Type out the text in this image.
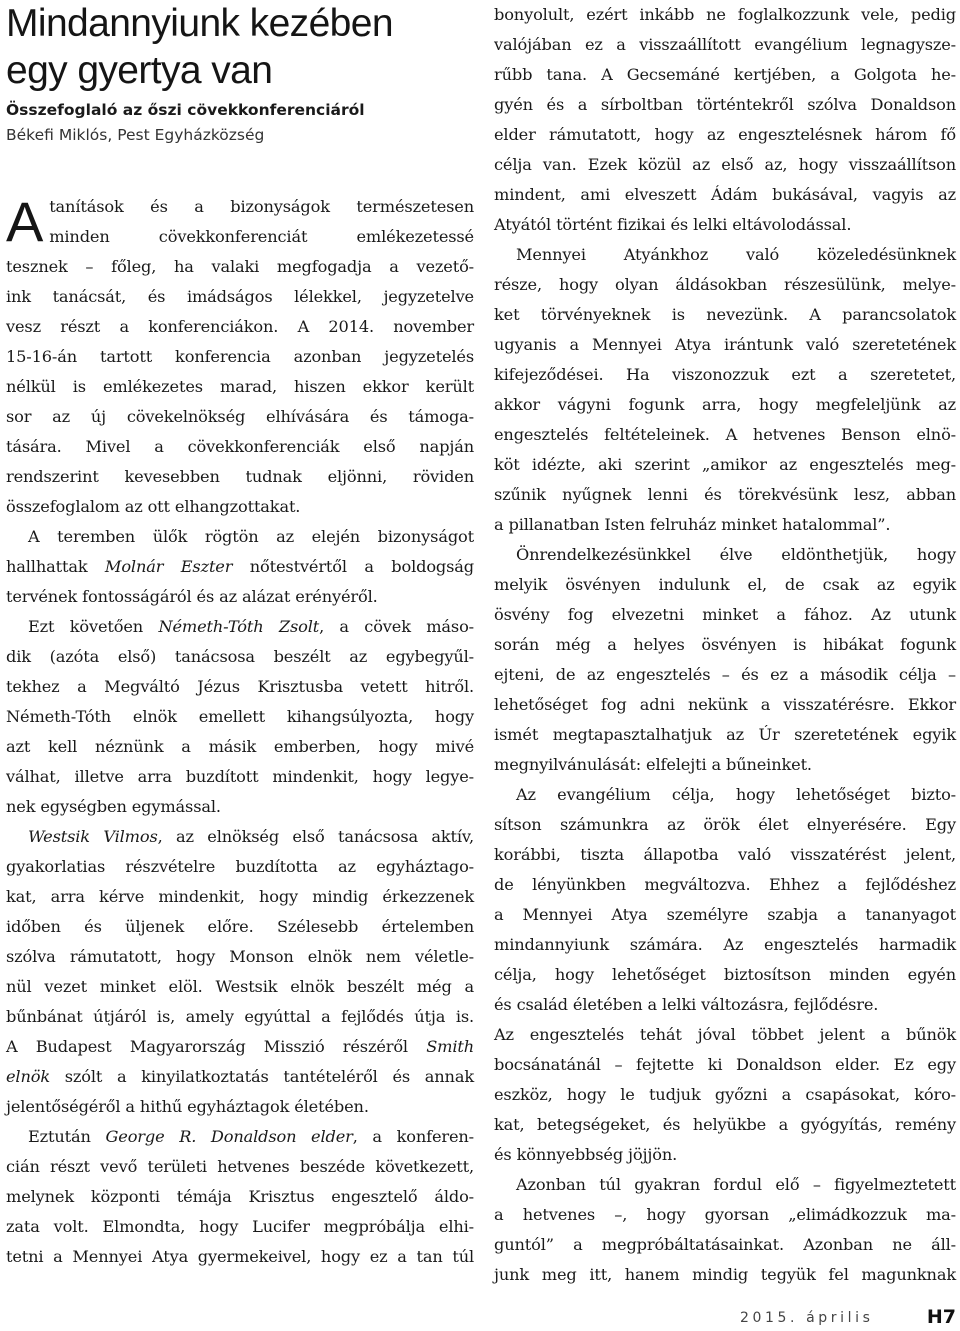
Mindannyiunk kezében
egy gyertya van
Összefoglaló az őszi cövekkonferenciáról
Békefi Miklós, Pest Egyházközség

A tanítások és a bizonyságok természetesen
minden cövekkonferenciát emlékezetessé
tesznek – főleg, ha valaki megfogadja a vezető-
ink tanácsát, és imádságos lélekkel, jegyzetelve
vesz részt a konferenciákon. A 2014. november
15-16-án tartott konferencia azonban jegyzetelés
nélkül is emlékezetes marad, hiszen ekkor került
sor az új cövekelnökség elhívására és támoga-
tására. Mivel a cövekkonferenciák első napján
rendszerint kevesebben tudnak eljönni, röviden
összefoglalom az ott elhangzottakat.

A teremben ülők rögtön az elején bizonyságot
hallhattak Molnár Eszter nőtestvértől a boldogság
tervének fontosságáról és az alázat erényéről.

Ezt követően Németh-Tóth Zsolt, a cövek máso-
dik (azóta első) tanácsosa beszélt az egybegyűl-
tekhez a Megváltó Jézus Krisztusba vetett hitről.
Németh-Tóth elnök emellett kihangsúlyozta, hogy
azt kell néznünk a másik emberben, hogy mivé
válhat, illetve arra buzdított mindenkit, hogy legye-
nek egységben egymással.

Westsik Vilmos, az elnökség első tanácsosa aktív,
gyakorlatias részvételre buzdította az egyháztago-
kat, arra kérve mindenkit, hogy mindig érkezzenek
időben és üljenek előre. Szélesebb értelemben
szólva rámutatott, hogy Monson elnök nem véletle-
nül vezet minket elöl. Westsik elnök beszélt még a
bűnbánat útjáról is, amely egyúttal a fejlődés útja is.
A Budapest Magyarország Misszió részéről Smith
elnök szólt a kinyilatkoztatás tantételéről és annak
jelentőségéről a hithű egyháztagok életében.

Eztután George R. Donaldson elder, a konferen-
cián részt vevő területi hetvenes beszéde következett,
melynek központi témája Krisztus engesztelő áldo-
zata volt. Elmondta, hogy Lucifer megpróbálja elhi-
tetni a Mennyei Atya gyermekeivel, hogy ez a tan túl

bonyolult, ezért inkább ne foglalkozzunk vele, pedig
valójában ez a visszaállított evangélium legnagysze-
rűbb tana. A Gecsemáné kertjében, a Golgota he-
gyén és a sírboltban történtekről szólva Donaldson
elder rámutatott, hogy az engesztelésnek három fő
célja van. Ezek közül az első az, hogy visszaállítson
mindent, ami elveszett Ádám bukásával, vagyis az
Atyától történt fizikai és lelki eltávolodással.

Mennyei Atyánkhoz való közeledésünknek
része, hogy olyan áldásokban részesülünk, melye-
ket törvényeknek is nevezünk. A parancsolatok
ugyanis a Mennyei Atya irántunk való szeretetének
kifejeződései. Ha viszonozzuk ezt a szeretetet,
akkor vágyni fogunk arra, hogy megfeleljünk az
engesztelés feltételeinek. A hetvenes Benson elnö-
köt idézte, aki szerint „amikor az engesztelés meg-
szűnik nyűgnek lenni és törekvésünk lesz, abban
a pillanatban Isten felruház minket hatalommal”.

Önrendelkezésünkkel élve eldönthetjük, hogy
melyik ösvényen indulunk el, de csak az egyik
ösvény fog elvezetni minket a fához. Az utunk
során még a helyes ösvényen is hibákat fogunk
ejteni, de az engesztelés – és ez a második célja –
lehetőséget fog adni nekünk a visszatérésre. Ekkor
ismét megtapasztalhatjuk az Úr szeretetének egyik
megnyilvánulását: elfelejti a bűneinket.

Az evangélium célja, hogy lehetőséget bizto-
sítson számunkra az örök élet elnyerésére. Egy
korábbi, tiszta állapotba való visszatérést jelent,
de lényünkben megváltozva. Ehhez a fejlődéshez
a Mennyei Atya személyre szabja a tananyagot
mindannyiunk számára. Az engesztelés harmadik
célja, hogy lehetőséget biztosítson minden egyén
és család életében a lelki változásra, fejlődésre.
Az engesztelés tehát jóval többet jelent a bűnök
bocsánatánál – fejtette ki Donaldson elder. Ez egy
eszköz, hogy le tudjuk győzni a csapásokat, kóro-
kat, betegségeket, és helyükbe a gyógyítás, remény
és könnyebbség jöjjön.

Azonban túl gyakran fordul elő – figyelmeztetett
a hetvenes –, hogy gyorsan „elimádkozzuk ma-
guntól” a megpróbáltatásainkat. Azonban ne áll-
junk meg itt, hanem mindig tegyük fel magunknak

2015. április	H7
